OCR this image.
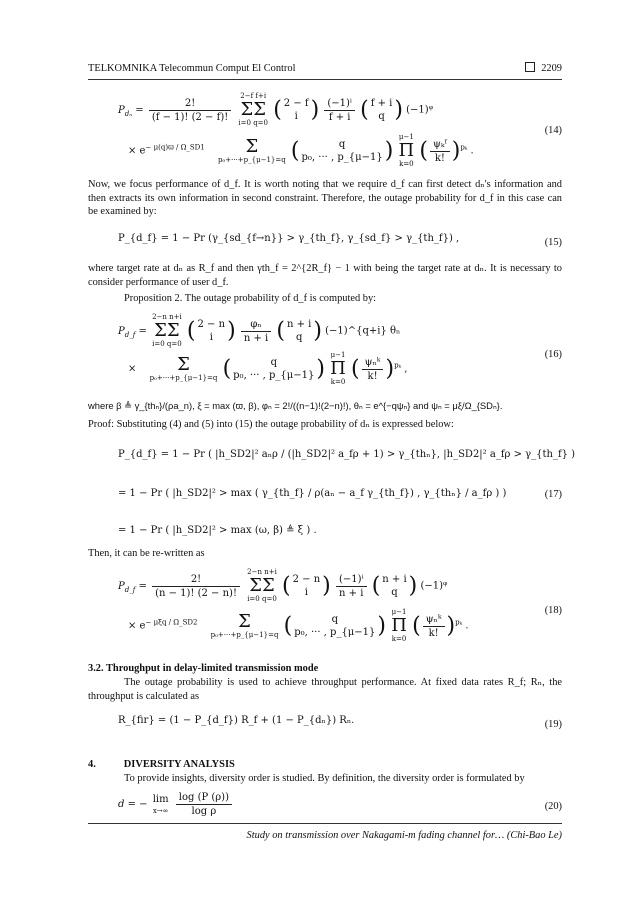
TELKOMNIKA Telecommun Comput El Control	2209
$P_{d_n} = \frac{2!}{(f - 1)! (2 - f)!}$

2−f f+i
ΣΣ
i=0 q=0
( 2 − f
i ) $\frac{\text{(−1)ⁱ}}{f + i}$ ( f + i
q ) (−1)ᵠ
× $e^{- \mu(q)ϖ / \Omega\_SD1}$ Σ
p₀+···+p_{μ−1}=q (	q
p₀, ··· , p_{μ−1} )
μ−1
Π
k=0
( $\frac{\text{ψₖᶠ}}{k!} )^{p_k}$ .
(14)
Now, we focus performance of d_f. It is worth noting that we require d_f can first detect dₙ's information and then extracts its own information in second constraint. Therefore, the outage probability for d_f in this case can be examined by:
P_{d_f} = 1 − Pr (γ_{sd_{f→n}} > γ_{th_f}, γ_{sd_f} > γ_{th_f}) ,	(15)
where target rate at dₙ as R_f and then γth_f = 2^{2R_f} − 1 with being the target rate at dₙ. It is necessary to consider performance of user d_f.
Proposition 2. The outage probability of d_f is computed by:
$P_{d\_f}$ =
2−n n+i
ΣΣ
i=0 q=0
( 2 − n
i ) $\frac{\text{φₙ}}{n + i}$ ( n + i
q ) (−1)^{q+i} θₙ
× Σ
p₀+···+p_{μ−1}=q (	q
p₀, ··· , p_{μ−1} )
μ−1
Π
k=0
( $\frac{\text{ψₙᵏ}}{k!} )^{p_k}$ ,
(16)
where β ≜ γ_{thₙ}/(ρa_n), ξ = max (ϖ, β), φₙ = 2!/((n−1)!(2−n)!), θₙ = e^{−qψₙ} and ψₙ = μξ/Ω_{SDₙ}.
Proof: Substituting (4) and (5) into (15) the outage probability of dₙ is expressed below:
P_{d_f} = 1 − Pr ( |h_SD2|² aₙρ / (|h_SD2|² a_fρ + 1) > γ_{thₙ}, |h_SD2|² a_fρ > γ_{th_f} )
= 1 − Pr ( |h_SD2|² > max ( γ_{th_f} / ρ(aₙ − a_f γ_{th_f}) , γ_{thₙ} / a_fρ ) )
= 1 − Pr ( |h_SD2|² > max (ω, β) ≜ ξ ) .
(17)
Then, it can be re-written as
$P_{d\_f} = \frac{2!}{(n - 1)! (2 - n)!}$

2−n n+i
ΣΣ
i=0 q=0
( 2 − n
i ) $\frac{\text{(−1)ⁱ}}{n + i}$ ( n + i
q ) (−1)ᵠ
× $e^{- \mu\xi q / \Omega\_SD2}$ Σ
p₀+···+p_{μ−1}=q (	q
p₀, ··· , p_{μ−1} )
μ−1
Π
k=0
( $\frac{\text{ψₙᵏ}}{k!} )^{p_k}$ .
(18)
3.2. Throughput in delay-limited transmission mode
The outage probability is used to achieve throughput performance. At fixed data rates R_f; Rₙ, the throughput is calculated as
R_{fir} = (1 − P_{d_f}) R_f + (1 − P_{dₙ}) Rₙ.	(19)
4.	DIVERSITY ANALYSIS
To provide insights, diversity order is studied. By definition, the diversity order is formulated by
d = − lim
x→∞
$\frac{\log (P (\rho))}{\text{log ρ}}$	(20)
Study on transmission over Nakagami-m fading channel for… (Chi-Bao Le)
